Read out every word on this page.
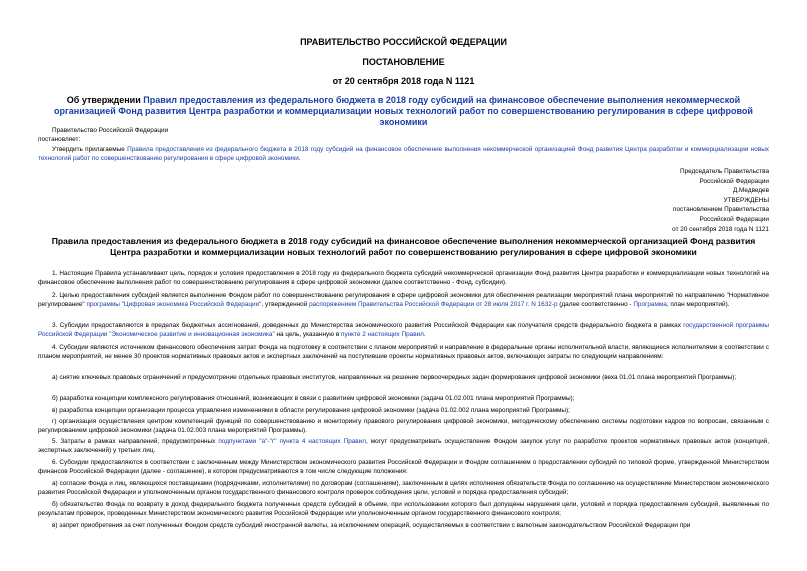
ПРАВИТЕЛЬСТВО РОССИЙСКОЙ ФЕДЕРАЦИИ
ПОСТАНОВЛЕНИЕ
от 20 сентября 2018 года N 1121
Об утверждении Правил предоставления из федерального бюджета в 2018 году субсидий на финансовое обеспечение выполнения некоммерческой организацией Фонд развития Центра разработки и коммерциализации новых технологий работ по совершенствованию регулирования в сфере цифровой экономики
Правительство Российской Федерации
постановляет:
Утвердить прилагаемые Правила предоставления из федерального бюджета в 2018 году субсидий на финансовое обеспечение выполнения некоммерческой организацией Фонд развития Центра разработки и коммерциализации новых технологий работ по совершенствованию регулирования в сфере цифровой экономики.
Председатель Правительства
Российской Федерации
Д.Медведев
УТВЕРЖДЕНЫ
постановлением Правительства
Российской Федерации
от 20 сентября 2018 года N 1121
Правила предоставления из федерального бюджета в 2018 году субсидий на финансовое обеспечение выполнения некоммерческой организацией Фонд развития Центра разработки и коммерциализации новых технологий работ по совершенствованию регулирования в сфере цифровой экономики
1. Настоящие Правила устанавливают цель, порядок и условия предоставления в 2018 году из федерального бюджета субсидий некоммерческой организации Фонд развития Центра разработки и коммерциализации новых технологий на финансовое обеспечение выполнения работ по совершенствованию регулирования в сфере цифровой экономики (далее соответственно - Фонд, субсидии).
2. Целью предоставления субсидий является выполнение Фондом работ по совершенствованию регулирования в сфере цифровой экономики для обеспечения реализации мероприятий плана мероприятий по направлению "Нормативное регулирование" программы "Цифровая экономика Российской Федерации", утвержденной распоряжением Правительства Российской Федерации от 28 июля 2017 г. N 1632-р (далее соответственно - Программа, план мероприятий).
3. Субсидии предоставляются в пределах бюджетных ассигнований, доведенных до Министерства экономического развития Российской Федерации как получателя средств федерального бюджета в рамках государственной программы Российской Федерации "Экономическое развитие и инновационная экономика" на цель, указанную в пункте 2 настоящих Правил.
4. Субсидии являются источником финансового обеспечения затрат Фонда на подготовку в соответствии с планом мероприятий и направление в федеральные органы исполнительной власти, являющиеся исполнителями в соответствии с планом мероприятий, не менее 30 проектов нормативных правовых актов и экспертных заключений на поступившие проекты нормативных правовых актов, включающих затраты по следующим направлениям:
а) снятие ключевых правовых ограничений и предусмотрение отдельных правовых институтов, направленных на решение первоочередных задач формирования цифровой экономики (веха 01.01 плана мероприятий Программы);
б) разработка концепции комплексного регулирования отношений, возникающих в связи с развитием цифровой экономики (задача 01.02.001 плана мероприятий Программы);
в) разработка концепции организации процесса управления изменениями в области регулирования цифровой экономики (задача 01.02.002 плана мероприятий Программы);
г) организация осуществления центром компетенций функций по совершенствованию и мониторингу правового регулирования цифровой экономики, методическому обеспечению системы подготовки кадров по вопросам, связанным с регулированием цифровой экономики (задача 01.02.003 плана мероприятий Программы).
5. Затраты в рамках направлений, предусмотренных подпунктами "а"-"г" пункта 4 настоящих Правил, могут предусматривать осуществление Фондом закупок услуг по разработке проектов нормативных правовых актов (концепций, экспертных заключений) у третьих лиц.
6. Субсидии предоставляются в соответствии с заключенным между Министерством экономического развития Российской Федерации и Фондом соглашением о предоставлении субсидий по типовой форме, утвержденной Министерством финансов Российской Федерации (далее - соглашение), в котором предусматриваются в том числе следующие положения:
а) согласие Фонда и лиц, являющихся поставщиками (подрядчиками, исполнителями) по договорам (соглашениям), заключенным в целях исполнения обязательств Фонда по соглашению на осуществление Министерством экономического развития Российской Федерации и уполномоченным органом государственного финансового контроля проверок соблюдения цели, условий и порядка предоставления субсидий;
б) обязательство Фонда по возврату в доход федерального бюджета полученных средств субсидий в объеме, при использовании которого был допущены нарушения цели, условий и порядка предоставления субсидий, выявленные по результатам проверок, проведенных Министерством экономического развития Российской Федерации или уполномоченным органом государственного финансового контроля;
в) запрет приобретения за счет полученных Фондом средств субсидий иностранной валюты, за исключением операций, осуществляемых в соответствии с валютным законодательством Российской Федерации при
